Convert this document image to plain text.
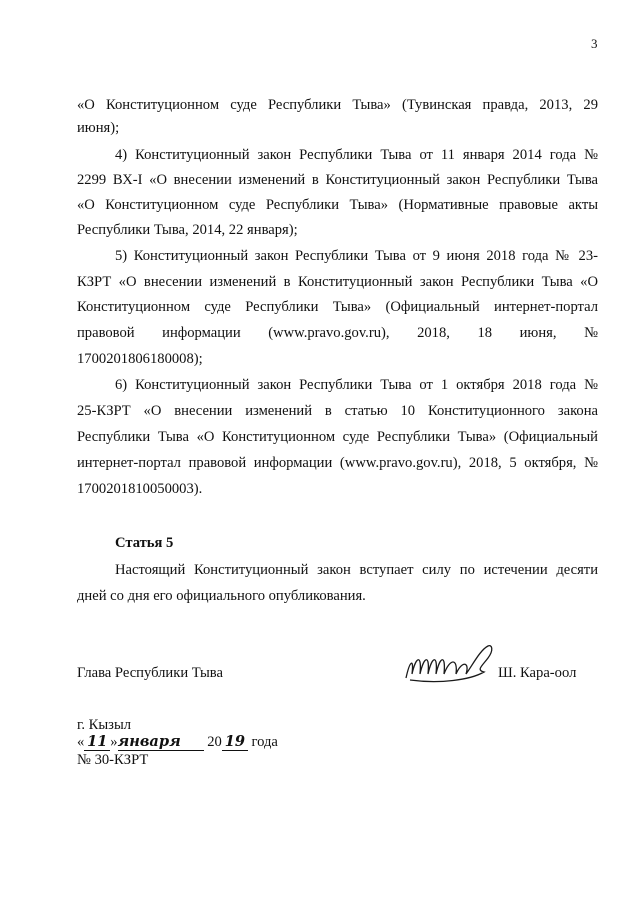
3
«О Конституционном суде Республики Тыва» (Тувинская правда, 2013, 29
июня);
4) Конституционный закон Республики Тыва от 11 января 2014 года №
2299 ВХ-I «О внесении изменений в Конституционный закон Республики Тыва
«О Конституционном суде Республики Тыва» (Нормативные правовые акты
Республики Тыва, 2014, 22 января);
5) Конституционный закон Республики Тыва от 9 июня 2018 года № 23-
КЗРТ «О внесении изменений в Конституционный закон Республики Тыва «О
Конституционном суде Республики Тыва» (Официальный интернет-портал
правовой информации (www.pravo.gov.ru), 2018, 18 июня, №
1700201806180008);
6) Конституционный закон Республики Тыва от 1 октября 2018 года №
25-КЗРТ «О внесении изменений в статью 10 Конституционного закона
Республики Тыва «О Конституционном суде Республики Тыва» (Официальный
интернет-портал правовой информации (www.pravo.gov.ru), 2018, 5 октября, №
1700201810050003).
Статья 5
Настоящий Конституционный закон вступает силу по истечении десяти
дней со дня его официального опубликования.
Глава Республики Тыва	Ш. Кара-оол
г. Кызыл
« 11 »января 20 19 года
№ 30-КЗРТ
